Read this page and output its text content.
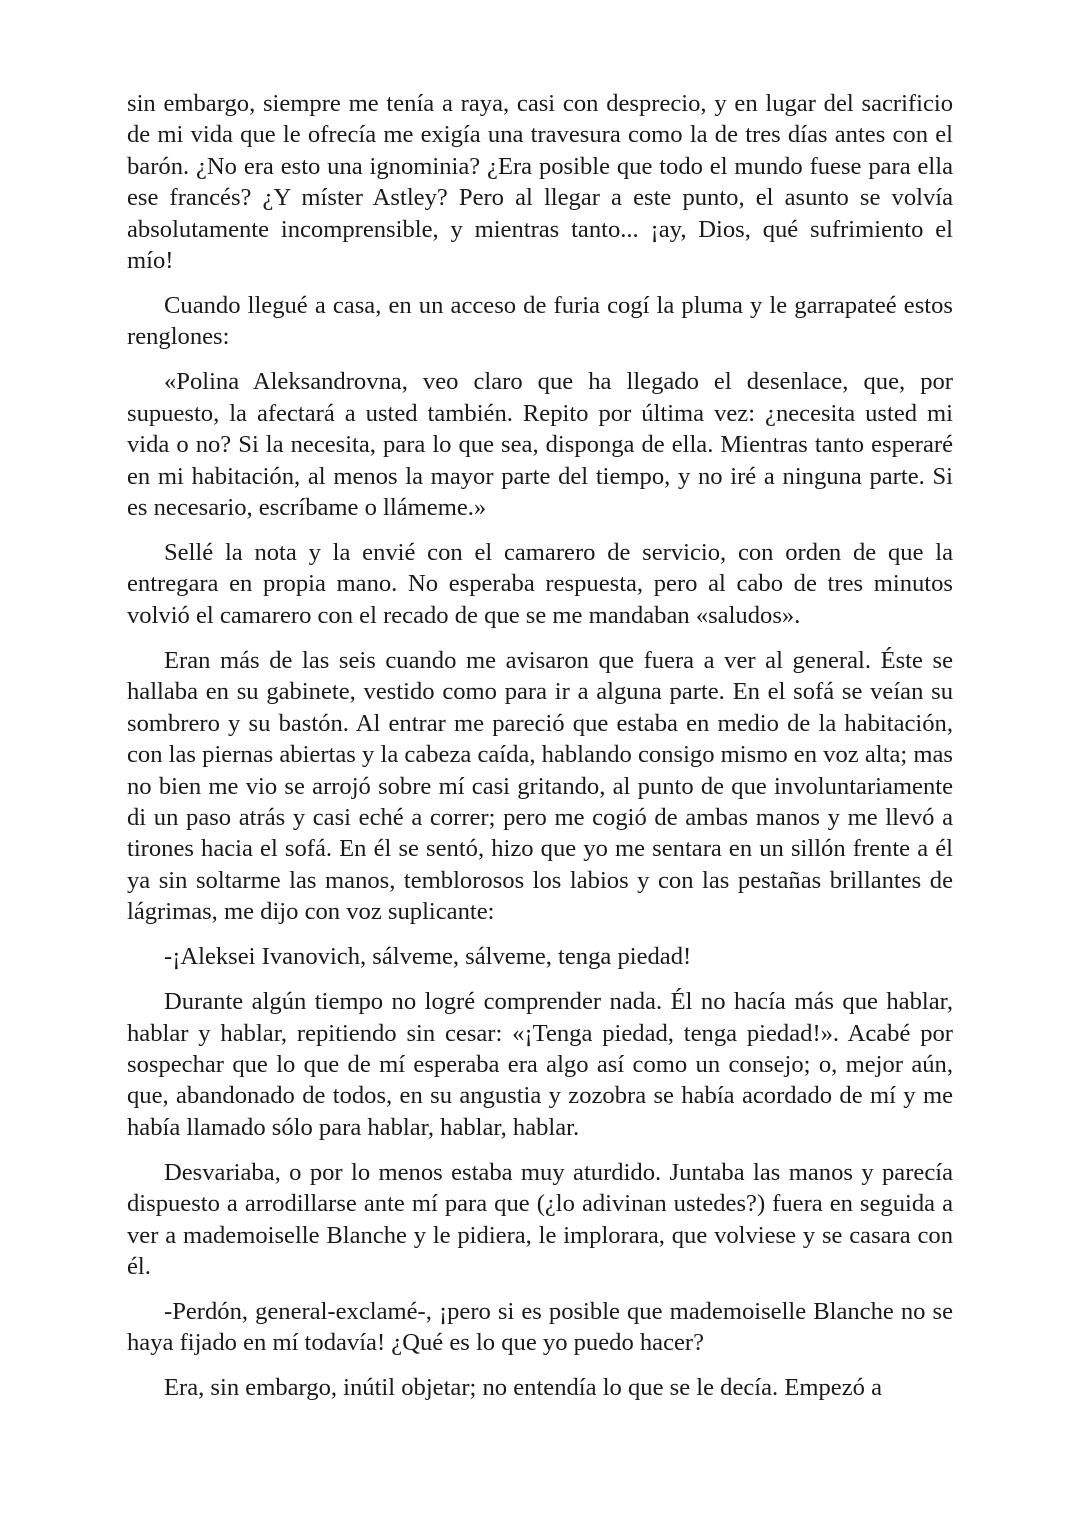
sin embargo, siempre me tenía a raya, casi con desprecio, y en lugar del sacrificio de mi vida que le ofrecía me exigía una travesura como la de tres días antes con el barón. ¿No era esto una ignominia? ¿Era posible que todo el mundo fuese para ella ese francés? ¿Y míster Astley? Pero al llegar a este punto, el asunto se volvía absolutamente incomprensible, y mientras tanto... ¡ay, Dios, qué sufrimiento el mío!

Cuando llegué a casa, en un acceso de furia cogí la pluma y le garrapateé estos renglones:

«Polina Aleksandrovna, veo claro que ha llegado el desenlace, que, por supuesto, la afectará a usted también. Repito por última vez: ¿necesita usted mi vida o no? Si la necesita, para lo que sea, disponga de ella. Mientras tanto esperaré en mi habitación, al menos la mayor parte del tiempo, y no iré a ninguna parte. Si es necesario, escríbame o llámeme.»

Sellé la nota y la envié con el camarero de servicio, con orden de que la entregara en propia mano. No esperaba respuesta, pero al cabo de tres minutos volvió el camarero con el recado de que se me mandaban «saludos».

Eran más de las seis cuando me avisaron que fuera a ver al general. Éste se hallaba en su gabinete, vestido como para ir a alguna parte. En el sofá se veían su sombrero y su bastón. Al entrar me pareció que estaba en medio de la habitación, con las piernas abiertas y la cabeza caída, hablando consigo mismo en voz alta; mas no bien me vio se arrojó sobre mí casi gritando, al punto de que involuntariamente di un paso atrás y casi eché a correr; pero me cogió de ambas manos y me llevó a tirones hacia el sofá. En él se sentó, hizo que yo me sentara en un sillón frente a él ya sin soltarme las manos, temblorosos los labios y con las pestañas brillantes de lágrimas, me dijo con voz suplicante:

-¡Aleksei Ivanovich, sálveme, sálveme, tenga piedad!

Durante algún tiempo no logré comprender nada. Él no hacía más que hablar, hablar y hablar, repitiendo sin cesar: «¡Tenga piedad, tenga piedad!». Acabé por sospechar que lo que de mí esperaba era algo así como un consejo; o, mejor aún, que, abandonado de todos, en su angustia y zozobra se había acordado de mí y me había llamado sólo para hablar, hablar, hablar.

Desvariaba, o por lo menos estaba muy aturdido. Juntaba las manos y parecía dispuesto a arrodillarse ante mí para que (¿lo adivinan ustedes?) fuera en seguida a ver a mademoiselle Blanche y le pidiera, le implorara, que volviese y se casara con él.

-Perdón, general-exclamé-, ¡pero si es posible que mademoiselle Blanche no se haya fijado en mí todavía! ¿Qué es lo que yo puedo hacer?

Era, sin embargo, inútil objetar; no entendía lo que se le decía. Empezó a
